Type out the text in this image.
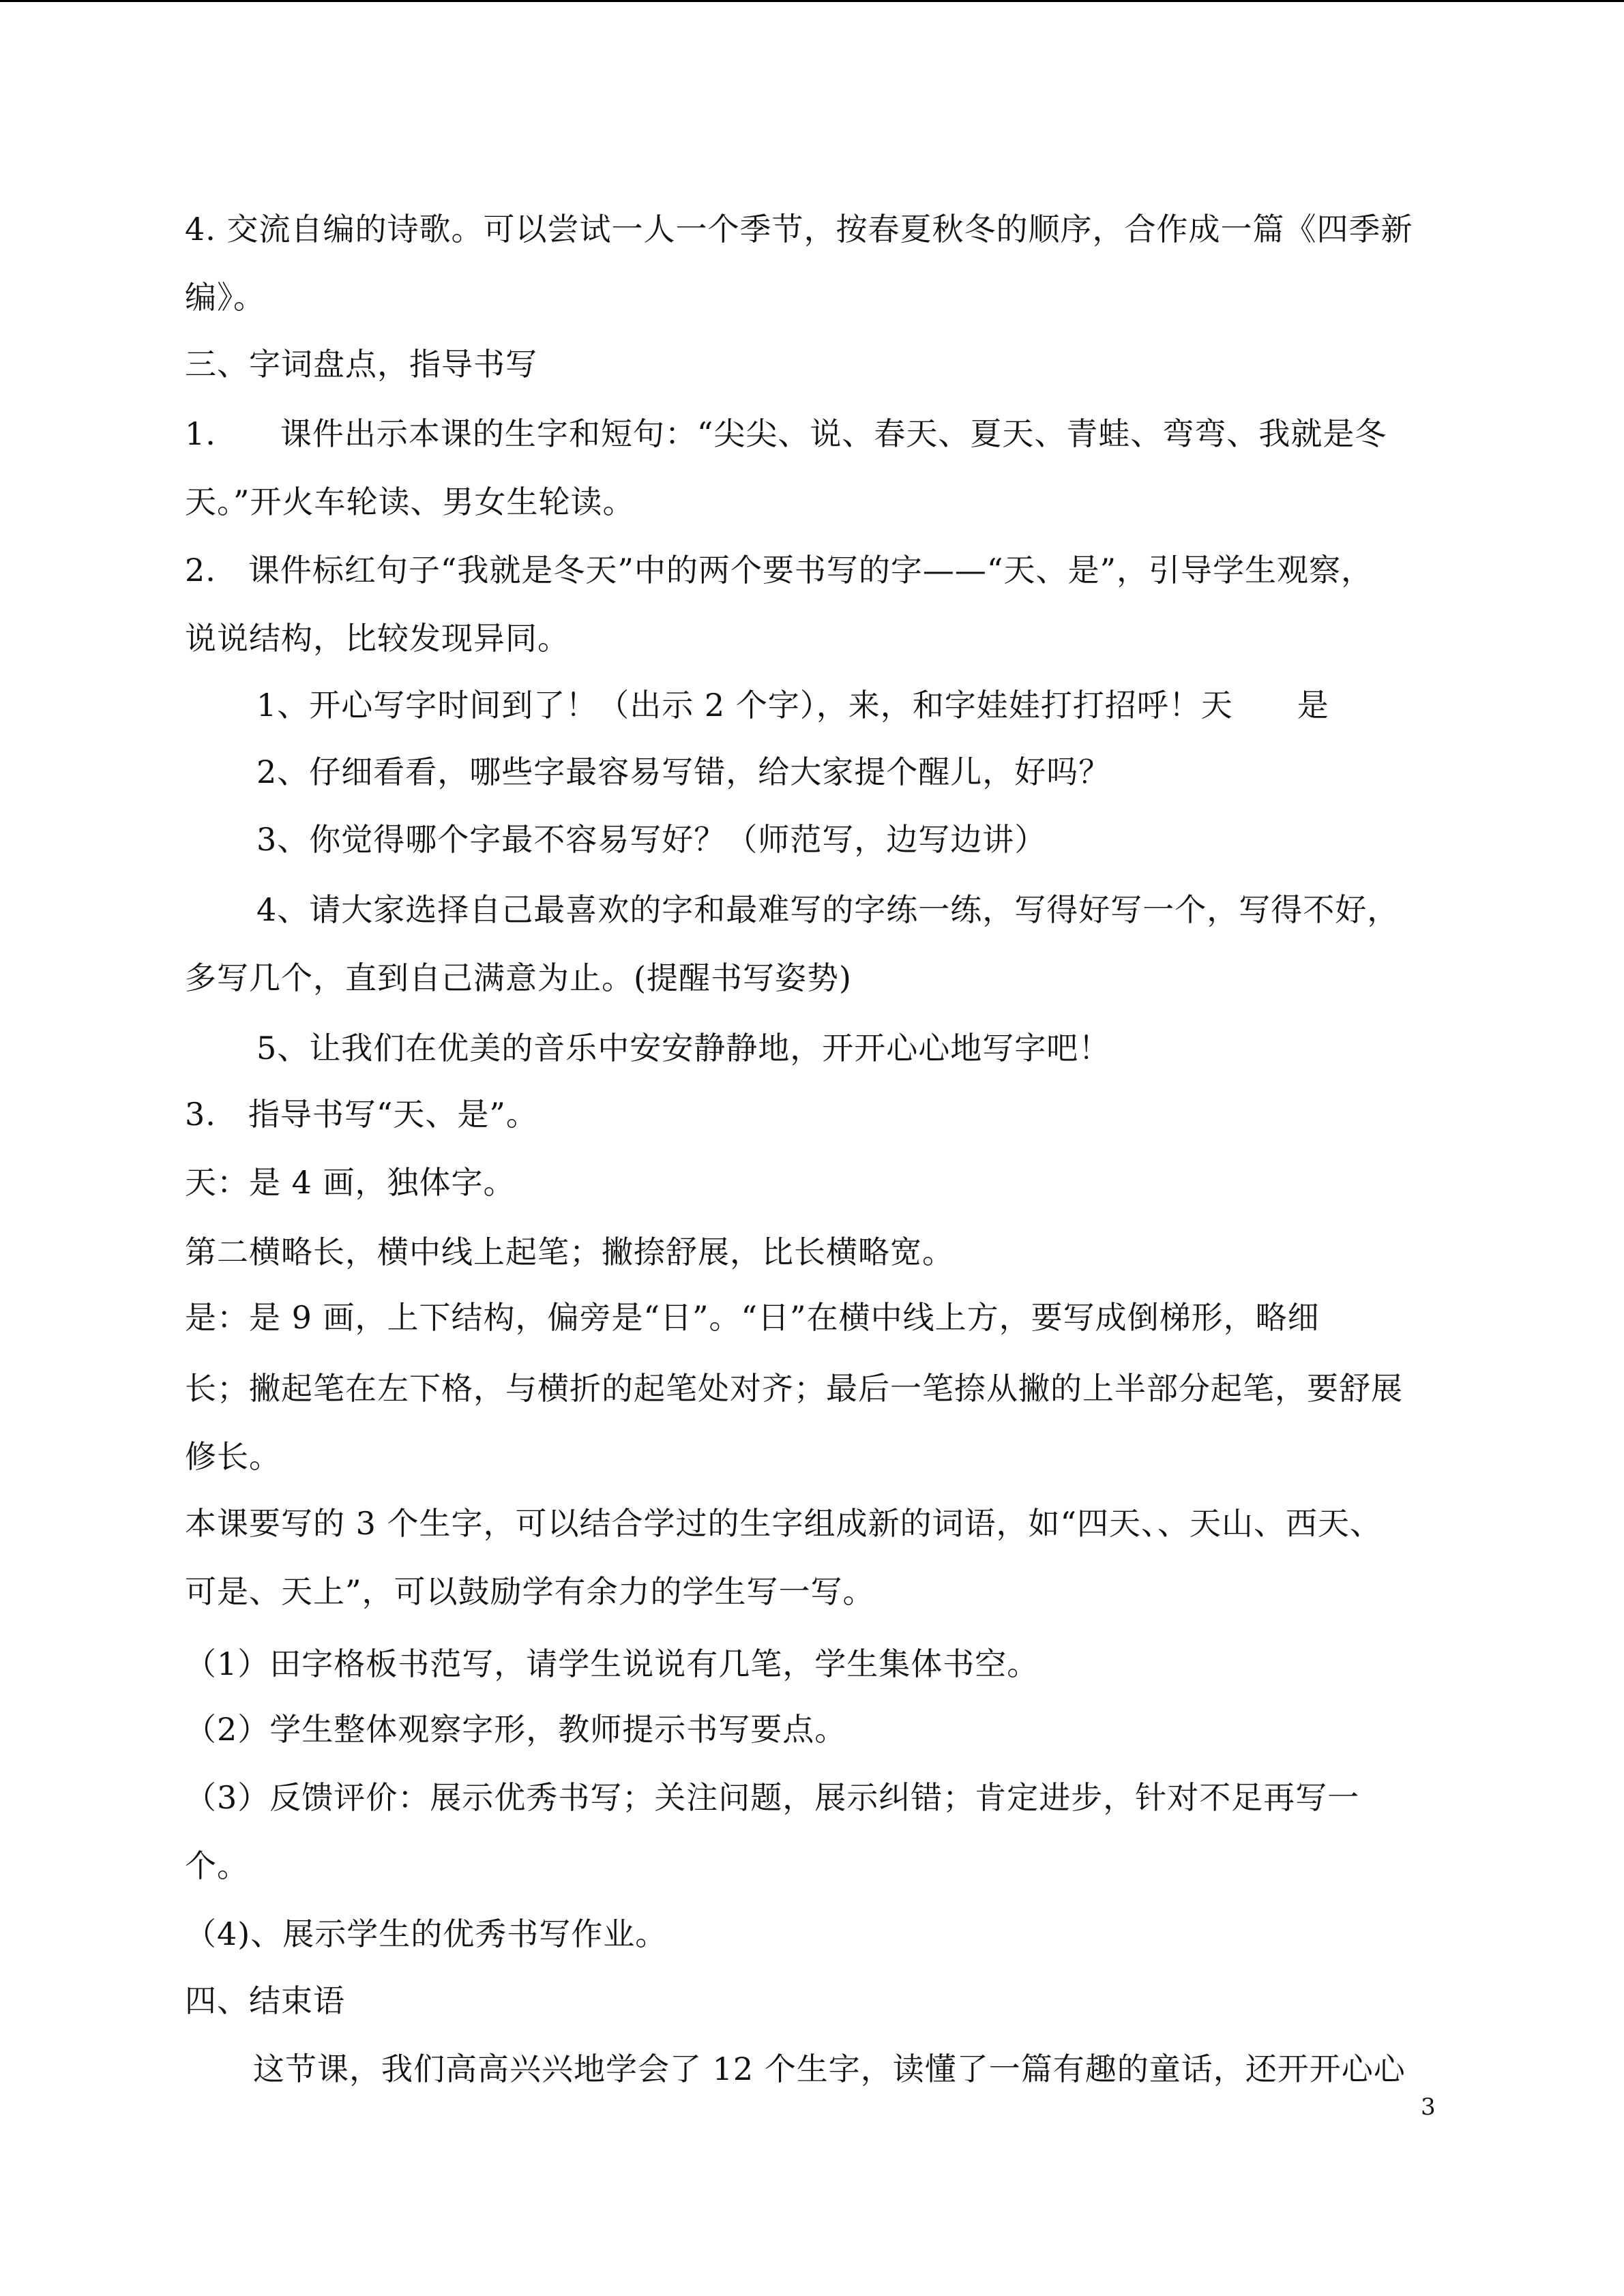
4. 交流自编的诗歌。可以尝试一人一个季节，按春夏秋冬的顺序，合作成一篇《四季新
编》。
三、字词盘点，指导书写
1.　　课件出示本课的生字和短句：“尖尖、说、春天、夏天、青蛙、弯弯、我就是冬
天。”开火车轮读、男女生轮读。
2.　课件标红句子“我就是冬天”中的两个要书写的字——“天、是”，引导学生观察，
说说结构，比较发现异同。
1、开心写字时间到了！（出示 2 个字），来，和字娃娃打打招呼！天　　是
2、仔细看看，哪些字最容易写错，给大家提个醒儿，好吗？
3、你觉得哪个字最不容易写好？（师范写，边写边讲）
4、请大家选择自己最喜欢的字和最难写的字练一练，写得好写一个，写得不好，
多写几个，直到自己满意为止。(提醒书写姿势)
5、让我们在优美的音乐中安安静静地，开开心心地写字吧！
3.　指导书写“天、是”。
天：是 4 画，独体字。
第二横略长，横中线上起笔；撇捺舒展，比长横略宽。
是：是 9 画，上下结构，偏旁是“日”。“日”在横中线上方，要写成倒梯形，略细
长；撇起笔在左下格，与横折的起笔处对齐；最后一笔捺从撇的上半部分起笔，要舒展
修长。
本课要写的 3 个生字，可以结合学过的生字组成新的词语，如“四天、、天山、西天、
可是、天上”，可以鼓励学有余力的学生写一写。
（1）田字格板书范写，请学生说说有几笔，学生集体书空。
（2）学生整体观察字形，教师提示书写要点。
（3）反馈评价：展示优秀书写；关注问题，展示纠错；肯定进步，针对不足再写一
个。
（4)、展示学生的优秀书写作业。
四、结束语
这节课，我们高高兴兴地学会了 12 个生字，读懂了一篇有趣的童话，还开开心心
3
